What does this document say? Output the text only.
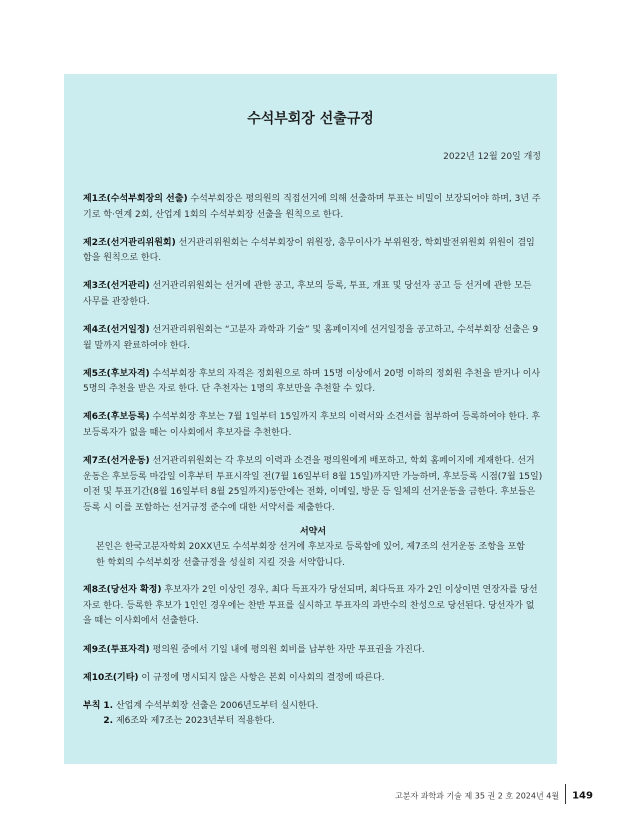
수석부회장 선출규정
2022년 12월 20일 개정
제1조(수석부회장의 선출) 수석부회장은 평의원의 직접선거에 의해 선출하며 투표는 비밀이 보장되어야 하며, 3년 주기로 학·연계 2회, 산업계 1회의 수석부회장 선출을 원칙으로 한다.
제2조(선거관리위원회) 선거관리위원회는 수석부회장이 위원장, 총무이사가 부위원장, 학회발전위원회 위원이 겸임함을 원칙으로 한다.
제3조(선거관리) 선거관리위원회는 선거에 관한 공고, 후보의 등록, 투표, 개표 및 당선자 공고 등 선거에 관한 모든 사무를 관장한다.
제4조(선거일정) 선거관리위원회는 “고분자 과학과 기술” 및 홈페이지에 선거일정을 공고하고, 수석부회장 선출은 9월 말까지 완료하여야 한다.
제5조(후보자격) 수석부회장 후보의 자격은 정회원으로 하며 15명 이상에서 20명 이하의 정회원 추천을 받거나 이사 5명의 추천을 받은 자로 한다. 단 추천자는 1명의 후보만을 추천할 수 있다.
제6조(후보등록) 수석부회장 후보는 7월 1일부터 15일까지 후보의 이력서와 소견서를 첨부하여 등록하여야 한다. 후보등록자가 없을 때는 이사회에서 후보자를 추천한다.
제7조(선거운동) 선거관리위원회는 각 후보의 이력과 소견을 평의원에게 배포하고, 학회 홈페이지에 게재한다. 선거운동은 후보등록 마감일 이후부터 투표시작일 전(7월 16일부터 8월 15일)까지만 가능하며, 후보등록 시점(7월 15일) 이전 및 투표기간(8월 16일부터 8월 25일까지)동안에는 전화, 이메일, 방문 등 일체의 선거운동을 금한다. 후보들은 등록 시 이를 포함하는 선거규정 준수에 대한 서약서를 제출한다.
서약서
본인은 한국고분자학회 20XX년도 수석부회장 선거에 후보자로 등록함에 있어, 제7조의 선거운동 조항을 포함한 학회의 수석부회장 선출규정을 성실히 지킬 것을 서약합니다.
제8조(당선자 확정) 후보자가 2인 이상인 경우, 최다 득표자가 당선되며, 최다득표 자가 2인 이상이면 연장자를 당선자로 한다. 등록한 후보가 1인인 경우에는 찬반 투표를 실시하고 투표자의 과반수의 찬성으로 당선된다. 당선자가 없을 때는 이사회에서 선출한다.
제9조(투표자격) 평의원 중에서 기일 내에 평의원 회비를 납부한 자만 투표권을 가진다.
제10조(기타) 이 규정에 명시되지 않은 사항은 본회 이사회의 결정에 따른다.
부칙 1. 산업계 수석부회장 선출은 2006년도부터 실시한다.
2. 제6조와 제7조는 2023년부터 적용한다.
고분자 과학과 기술 제 35 권 2 호 2024년 4월 149
